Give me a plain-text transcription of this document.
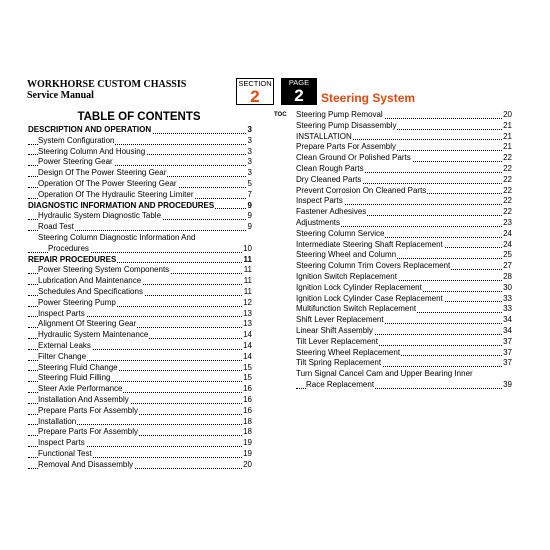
WORKHORSE CUSTOM CHASSIS
Service Manual
SECTION
2
PAGE
2	Steering System
TABLE OF CONTENTS	TOC
DESCRIPTION AND OPERATION	3
System Configuration	3
Steering Column And Housing	3
Power Steering Gear	3
Design Of The Power Steering Gear	3
Operation Of The Power Steering Gear	5
Operation Of The Hydraulic Steering Limiter	7
DIAGNOSTIC INFORMATION AND PROCEDURES	9
Hydraulic System Diagnostic Table	9
Road Test	9
Steering Column Diagnostic Information And
Procedures	10
REPAIR PROCEDURES	11
Power Steering System Components	11
Lubrication And Maintenance	11
Schedules And Specifications	11
Power Steering Pump	12
Inspect Parts	13
Alignment Of Steering Gear	13
Hydraulic System Maintenance	14
External Leaks	14
Filter Change	14
Steering Fluid Change	15
Steering Fluid Filling	15
Steer Axle Performance	16
Installation And Assembly	16
Prepare Parts For Assembly	16
Installation	18
Prepare Parts For Assembly	18
Inspect Parts	19
Functional Test	19
Removal And Disassembly	20
Steering Pump Removal	20
Steering Pump Disassembly	21
INSTALLATION	21
Prepare Parts For Assembly	21
Clean Ground Or Polished Parts	22
Clean Rough Parts	22
Dry Cleaned Parts	22
Prevent Corrosion On Cleaned Parts	22
Inspect Parts	22
Fastener Adhesives	22
Adjustments	23
Steering Column Service	24
Intermediate Steering Shaft Replacement	24
Steering Wheel and Column	25
Steering Column Trim Covers Replacement	27
Ignition Switch Replacement	28
Ignition Lock Cylinder Replacement	30
Ignition Lock Cylinder Case Replacement	33
Multifunction Switch Replacement	33
Shift Lever Replacement	34
Linear Shift Assembly	34
Tilt Lever Replacement	37
Steering Wheel Replacement	37
Tilt Spring Replacement	37
Turn Signal Cancel Cam and Upper Bearing Inner
Race Replacement	39
